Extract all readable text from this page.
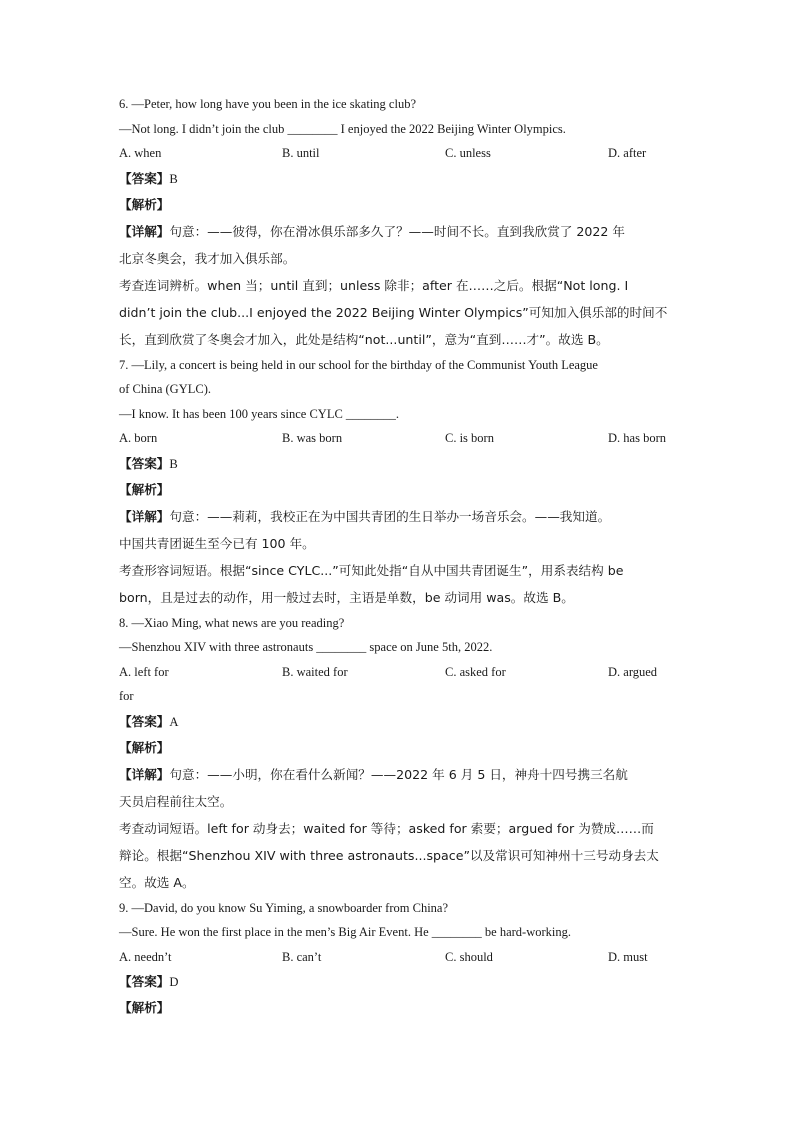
6. —Peter, how long have you been in the ice skating club?
—Not long. I didn’t join the club ________ I enjoyed the 2022 Beijing Winter Olympics.
A. when	B. until	C. unless	D. after
【答案】B
【解析】
【详解】句意：——彼得，你在滑冰俱乐部多久了？——时间不长。直到我欣赏了 2022 年
北京冬奥会，我才加入俱乐部。
考查连词辨析。when 当；until 直到；unless 除非；after 在……之后。根据“Not long. I
didn’t join the club...I enjoyed the 2022 Beijing Winter Olympics”可知加入俱乐部的时间不
长，直到欣赏了冬奥会才加入，此处是结构“not...until”，意为“直到……才”。故选 B。
7. —Lily, a concert is being held in our school for the birthday of the Communist Youth League
of China (GYLC).
—I know. It has been 100 years since CYLC ________.
A. born	B. was born	C. is born	D. has born
【答案】B
【解析】
【详解】句意：——莉莉，我校正在为中国共青团的生日举办一场音乐会。——我知道。
中国共青团诞生至今已有 100 年。
考查形容词短语。根据“since CYLC...”可知此处指“自从中国共青团诞生”，用系表结构 be
born，且是过去的动作，用一般过去时，主语是单数，be 动词用 was。故选 B。
8. —Xiao Ming, what news are you reading?
—Shenzhou XIV with three astronauts ________ space on June 5th, 2022.
A. left for	B. waited for	C. asked for	D. argued
for
【答案】A
【解析】
【详解】句意：——小明，你在看什么新闻？——2022 年 6 月 5 日，神舟十四号携三名航
天员启程前往太空。
考查动词短语。left for 动身去；waited for 等待；asked for 索要；argued for 为赞成……而
辩论。根据“Shenzhou XIV with three astronauts...space”以及常识可知神州十三号动身去太
空。故选 A。
9. —David, do you know Su Yiming, a snowboarder from China?
—Sure. He won the first place in the men’s Big Air Event. He ________ be hard-working.
A. needn’t	B. can’t	C. should	D. must
【答案】D
【解析】
